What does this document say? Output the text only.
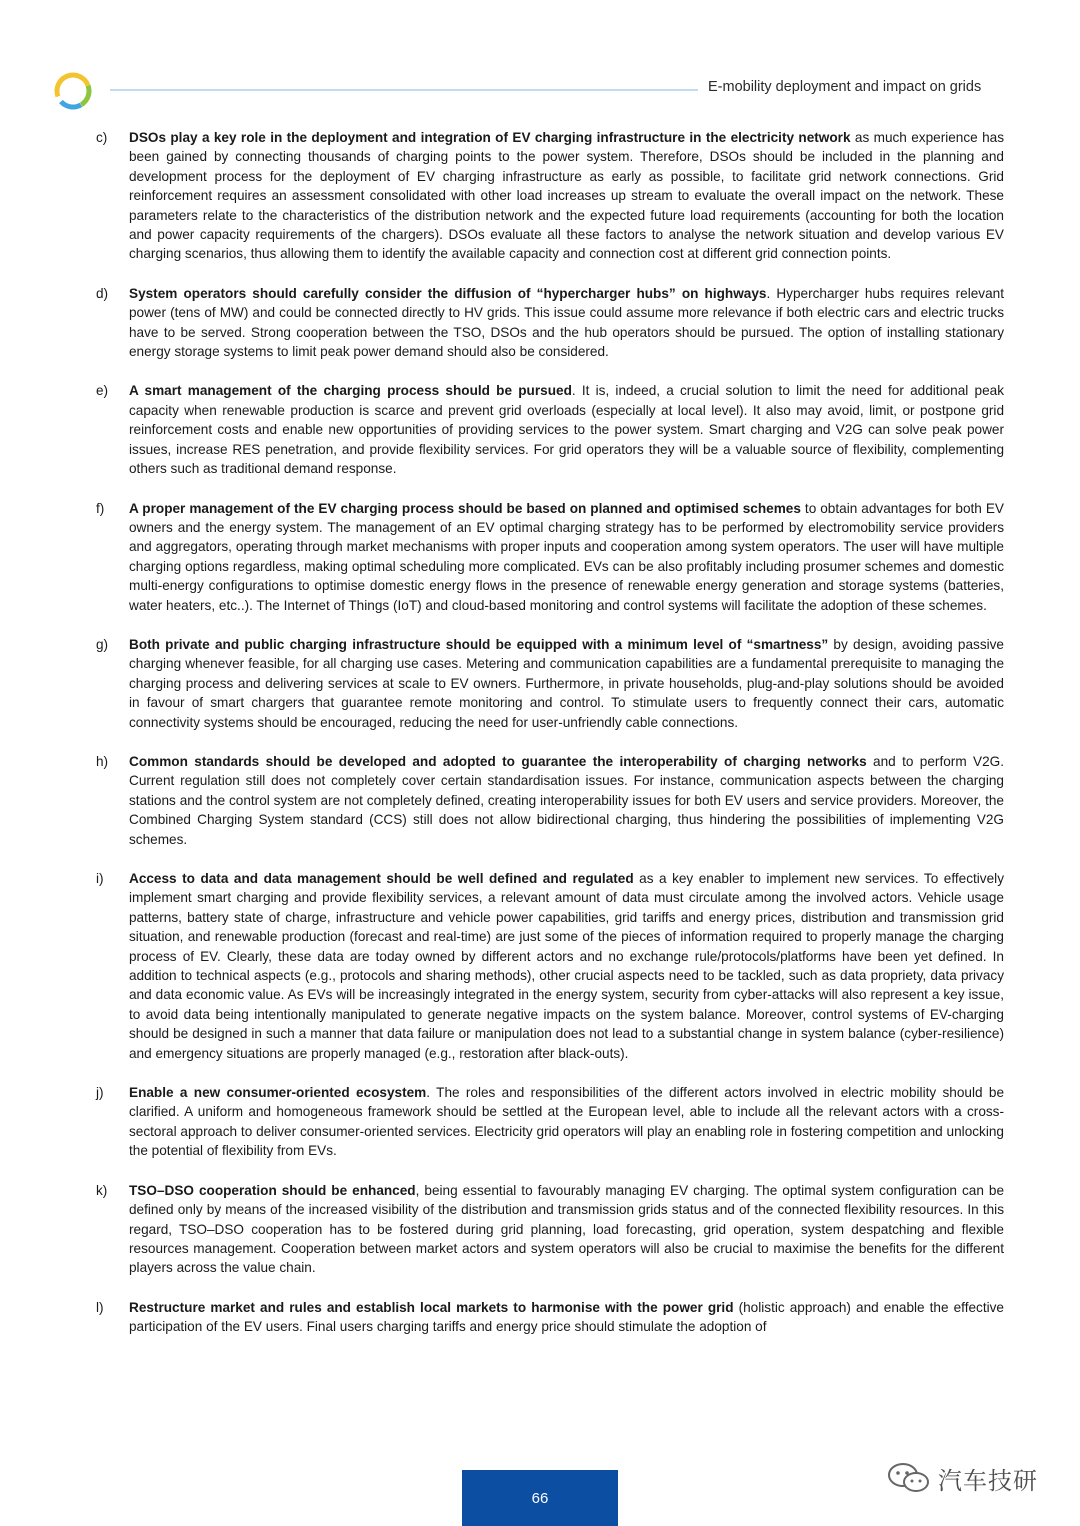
E-mobility deployment and impact on grids
c)	DSOs play a key role in the deployment and integration of EV charging infrastructure in the electricity network as much experience has been gained by connecting thousands of charging points to the power system. Therefore, DSOs should be included in the planning and development process for the deployment of EV charging infrastructure as early as possible, to facilitate grid network connections. Grid reinforcement requires an assessment consolidated with other load increases up stream to evaluate the overall impact on the network. These parameters relate to the characteristics of the distribution network and the expected future load requirements (accounting for both the location and power capacity requirements of the chargers). DSOs evaluate all these factors to analyse the network situation and develop various EV charging scenarios, thus allowing them to identify the available capacity and connection cost at different grid connection points.
d)	System operators should carefully consider the diffusion of “hypercharger hubs” on highways. Hypercharger hubs requires relevant power (tens of MW) and could be connected directly to HV grids. This issue could assume more relevance if both electric cars and electric trucks have to be served. Strong cooperation between the TSO, DSOs and the hub operators should be pursued. The option of installing stationary energy storage systems to limit peak power demand should also be considered.
e)	A smart management of the charging process should be pursued. It is, indeed, a crucial solution to limit the need for additional peak capacity when renewable production is scarce and prevent grid overloads (especially at local level). It also may avoid, limit, or postpone grid reinforcement costs and enable new opportunities of providing services to the power system. Smart charging and V2G can solve peak power issues, increase RES penetration, and provide flexibility services. For grid operators they will be a valuable source of flexibility, complementing others such as traditional demand response.
f)	A proper management of the EV charging process should be based on planned and optimised schemes to obtain advantages for both EV owners and the energy system. The management of an EV optimal charging strategy has to be performed by electromobility service providers and aggregators, operating through market mechanisms with proper inputs and cooperation among system operators. The user will have multiple charging options regardless, making optimal scheduling more complicated. EVs can be also profitably including prosumer schemes and domestic multi-energy configurations to optimise domestic energy flows in the presence of renewable energy generation and storage systems (batteries, water heaters, etc..). The Internet of Things (IoT) and cloud-based monitoring and control systems will facilitate the adoption of these schemes.
g)	Both private and public charging infrastructure should be equipped with a minimum level of “smartness” by design, avoiding passive charging whenever feasible, for all charging use cases. Metering and communication capabilities are a fundamental prerequisite to managing the charging process and delivering services at scale to EV owners. Furthermore, in private households, plug-and-play solutions should be avoided in favour of smart chargers that guarantee remote monitoring and control. To stimulate users to frequently connect their cars, automatic connectivity systems should be encouraged, reducing the need for user-unfriendly cable connections.
h)	Common standards should be developed and adopted to guarantee the interoperability of charging networks and to perform V2G. Current regulation still does not completely cover certain standardisation issues. For instance, communication aspects between the charging stations and the control system are not completely defined, creating interoperability issues for both EV users and service providers. Moreover, the Combined Charging System standard (CCS) still does not allow bidirectional charging, thus hindering the possibilities of implementing V2G schemes.
i)	Access to data and data management should be well defined and regulated as a key enabler to implement new services. To effectively implement smart charging and provide flexibility services, a relevant amount of data must circulate among the involved actors. Vehicle usage patterns, battery state of charge, infrastructure and vehicle power capabilities, grid tariffs and energy prices, distribution and transmission grid situation, and renewable production (forecast and real-time) are just some of the pieces of information required to properly manage the charging process of EV. Clearly, these data are today owned by different actors and no exchange rule/protocols/platforms have been yet defined. In addition to technical aspects (e.g., protocols and sharing methods), other crucial aspects need to be tackled, such as data propriety, data privacy and data economic value. As EVs will be increasingly integrated in the energy system, security from cyber-attacks will also represent a key issue, to avoid data being intentionally manipulated to generate negative impacts on the system balance. Moreover, control systems of EV-charging should be designed in such a manner that data failure or manipulation does not lead to a substantial change in system balance (cyber-resilience) and emergency situations are properly managed (e.g., restoration after black-outs).
j)	Enable a new consumer-oriented ecosystem. The roles and responsibilities of the different actors involved in electric mobility should be clarified. A uniform and homogeneous framework should be settled at the European level, able to include all the relevant actors with a cross-sectoral approach to deliver consumer-oriented services. Electricity grid operators will play an enabling role in fostering competition and unlocking the potential of flexibility from EVs.
k)	TSO–DSO cooperation should be enhanced, being essential to favourably managing EV charging. The optimal system configuration can be defined only by means of the increased visibility of the distribution and transmission grids status and of the connected flexibility resources. In this regard, TSO–DSO cooperation has to be fostered during grid planning, load forecasting, grid operation, system despatching and flexible resources management. Cooperation between market actors and system operators will also be crucial to maximise the benefits for the different players across the value chain.
l)	Restructure market and rules and establish local markets to harmonise with the power grid (holistic approach) and enable the effective participation of the EV users. Final users charging tariffs and energy price should stimulate the adoption of
66
汽车技研
